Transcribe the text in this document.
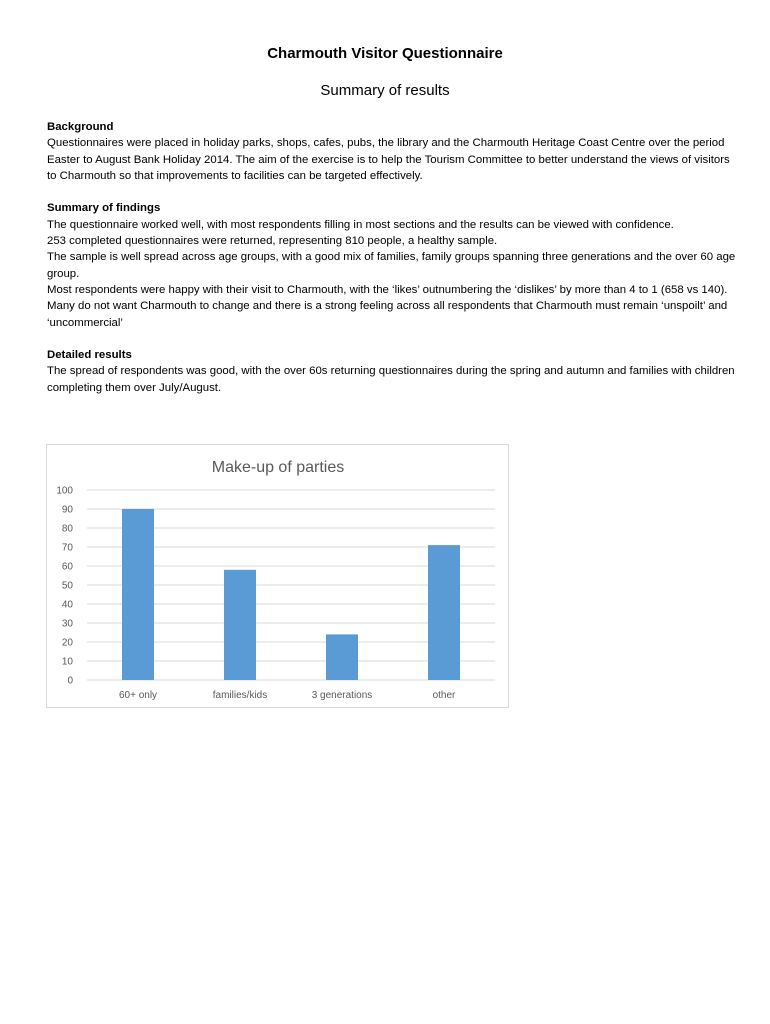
Charmouth Visitor Questionnaire
Summary of results
Background

Questionnaires were placed in holiday parks, shops, cafes, pubs, the library and the Charmouth Heritage Coast Centre over the period Easter to August Bank Holiday 2014. The aim of the exercise is to help the Tourism Committee to better understand the views of visitors to Charmouth so that improvements to facilities can be targeted effectively.

Summary of findings

The questionnaire worked well, with most respondents filling in most sections and the results can be viewed with confidence.

253 completed questionnaires were returned, representing 810 people, a healthy sample.

The sample is well spread across age groups, with a good mix of families, family groups spanning three generations and the over 60 age group.

Most respondents were happy with their visit to Charmouth, with the ‘likes’ outnumbering the ‘dislikes’ by more than 4 to 1 (658 vs 140). Many do not want Charmouth to change and there is a strong feeling across all respondents that Charmouth must remain ‘unspoilt’ and ‘uncommercial’

Detailed results

The spread of respondents was good, with the over 60s returning questionnaires during the spring and autumn and families with children completing them over July/August.

Make-up of parties
0
10
20
30
40
50
60
70
80
90
100
60+ only	families/kids	3 generations	other
